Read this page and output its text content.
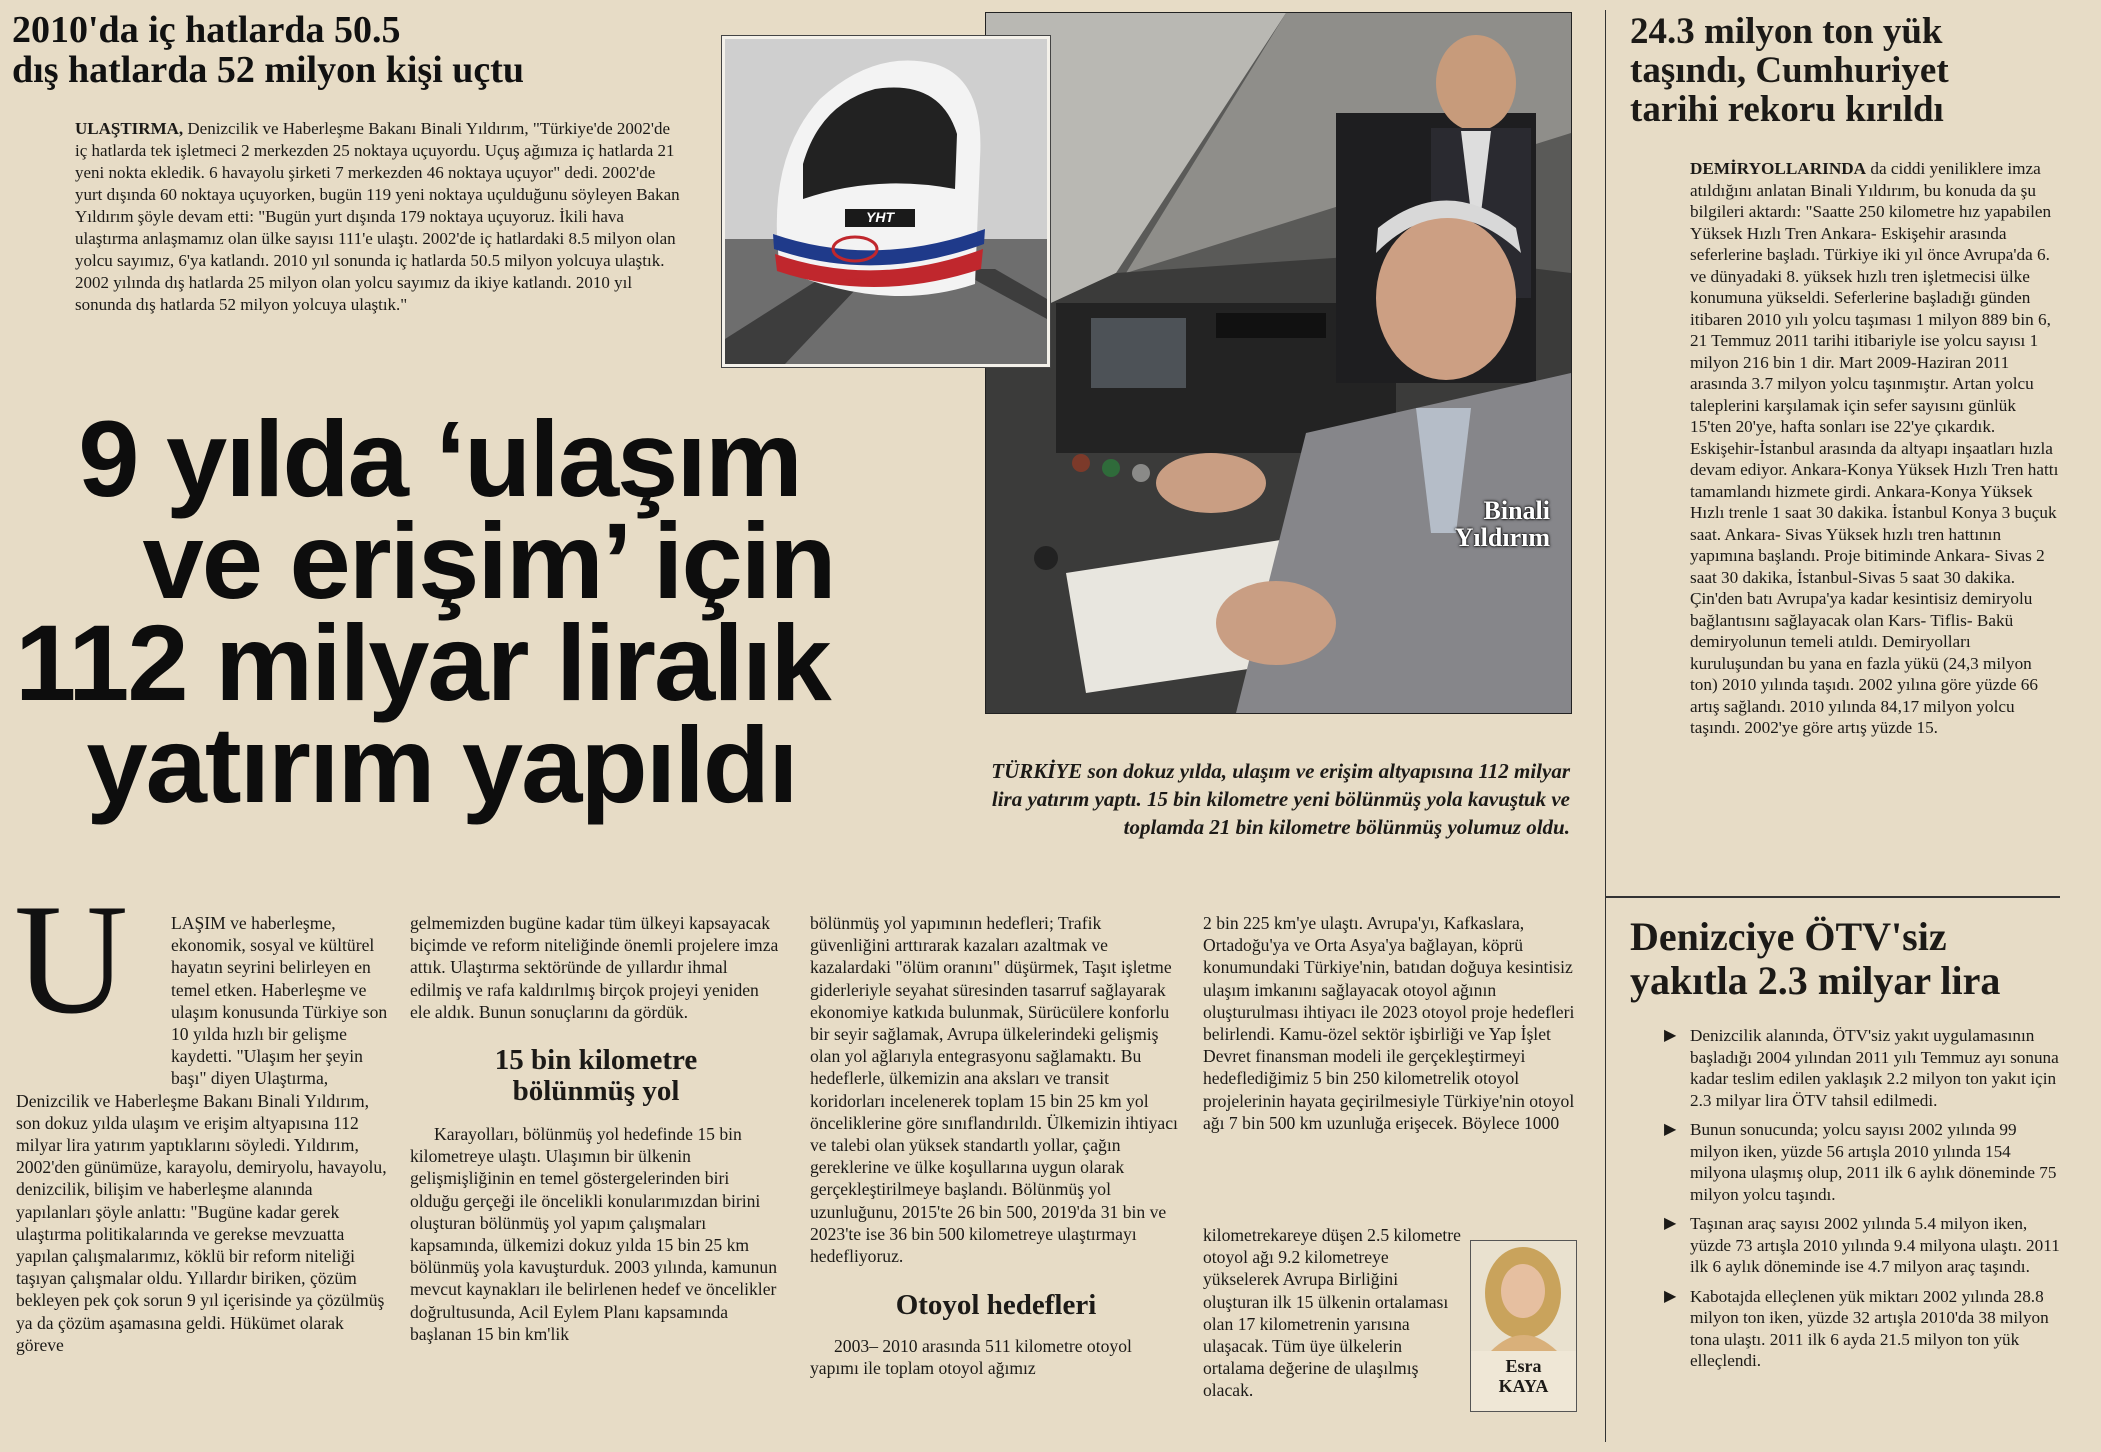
2010'da iç hatlarda 50.5
dış hatlarda 52 milyon kişi uçtu
ULAŞTIRMA, Denizcilik ve Haberleşme Bakanı Binali Yıldırım, "Türkiye'de 2002'de iç hatlarda tek işletmeci 2 merkezden 25 noktaya uçuyordu. Uçuş ağımıza iç hatlarda 21 yeni nokta ekledik. 6 havayolu şirketi 7 merkezden 46 noktaya uçuyor" dedi. 2002'de yurt dışında 60 noktaya uçuyorken, bugün 119 yeni noktaya uçulduğunu söyleyen Bakan Yıldırım şöyle devam etti: "Bugün yurt dışında 179 noktaya uçuyoruz. İkili hava ulaştırma anlaşmamız olan ülke sayısı 111'e ulaştı. 2002'de iç hatlardaki 8.5 milyon olan yolcu sayımız, 6'ya katlandı. 2010 yıl sonunda iç hatlarda 50.5 milyon yolcuya ulaştık. 2002 yılında dış hatlarda 25 milyon olan yolcu sayımız da ikiye katlandı. 2010 yıl sonunda dış hatlarda 52 milyon yolcuya ulaştık."
9 yılda ‘ulaşım
ve erişim’ için
112 milyar liralık
yatırım yapıldı
Binali
Yıldırım
YHT
TCDD
TÜRKİYE son dokuz yılda, ulaşım ve erişim altyapısına 112 milyar lira yatırım yaptı. 15 bin kilometre yeni bölünmüş yola kavuştuk ve toplamda 21 bin kilometre bölünmüş yolumuz oldu.
U	LAŞIM ve haberleşme, ekonomik, sosyal ve kültürel hayatın seyrini belirleyen en temel etken. Haberleşme ve ulaşım konusunda Türkiye son 10 yılda hızlı bir gelişme kaydetti. "Ulaşım her şeyin başı" diyen Ulaştırma, Denizcilik ve Haberleşme Bakanı Binali Yıldırım, son dokuz yılda ulaşım ve erişim altyapısına 112 milyar lira yatırım yaptıklarını söyledi. Yıldırım, 2002'den günümüze, karayolu, demiryolu, havayolu, denizcilik, bilişim ve haberleşme alanında yapılanları şöyle anlattı: "Bugüne kadar gerek ulaştırma politikalarında ve gerekse mevzuatta yapılan çalışmalarımız, köklü bir reform niteliği taşıyan çalışmalar oldu. Yıllardır biriken, çözüm bekleyen pek çok sorun 9 yıl içerisinde ya çözülmüş ya da çözüm aşamasına geldi. Hükümet olarak göreve
gelmemizden bugüne kadar tüm ülkeyi kapsayacak biçimde ve reform niteliğinde önemli projelere imza attık. Ulaştırma sektöründe de yıllardır ihmal edilmiş ve rafa kaldırılmış birçok projeyi yeniden ele aldık. Bunun sonuçlarını da gördük.
15 bin kilometre
bölünmüş yol
Karayolları, bölünmüş yol hedefinde 15 bin kilometreye ulaştı. Ulaşımın bir ülkenin gelişmişliğinin en temel göstergelerinden biri olduğu gerçeği ile öncelikli konularımızdan birini oluşturan bölünmüş yol yapım çalışmaları kapsamında, ülkemizi dokuz yılda 15 bin 25 km bölünmüş yola kavuşturduk. 2003 yılında, kamunun mevcut kaynakları ile belirlenen hedef ve öncelikler doğrultusunda, Acil Eylem Planı kapsamında başlanan 15 bin km'lik
bölünmüş yol yapımının hedefleri; Trafik güvenliğini arttırarak kazaları azaltmak ve kazalardaki "ölüm oranını" düşürmek, Taşıt işletme giderleriyle seyahat süresinden tasarruf sağlayarak ekonomiye katkıda bulunmak, Sürücülere konforlu bir seyir sağlamak, Avrupa ülkelerindeki gelişmiş olan yol ağlarıyla entegrasyonu sağlamaktı. Bu hedeflerle, ülkemizin ana aksları ve transit koridorları incelenerek toplam 15 bin 25 km yol önceliklerine göre sınıflandırıldı. Ülkemizin ihtiyacı ve talebi olan yüksek standartlı yollar, çağın gereklerine ve ülke koşullarına uygun olarak gerçekleştirilmeye başlandı. Bölünmüş yol uzunluğunu, 2015'te 26 bin 500, 2019'da 31 bin ve 2023'te ise 36 bin 500 kilometreye ulaştırmayı hedefliyoruz.
Otoyol hedefleri
2003– 2010 arasında 511 kilometre otoyol yapımı ile toplam otoyol ağımız
2 bin 225 km'ye ulaştı. Avrupa'yı, Kafkaslara, Ortadoğu'ya ve Orta Asya'ya bağlayan, köprü konumundaki Türkiye'nin, batıdan doğuya kesintisiz ulaşım imkanını sağlayacak otoyol ağının oluşturulması ihtiyacı ile 2023 otoyol proje hedefleri belirlendi. Kamu-özel sektör işbirliği ve Yap İşlet Devret finansman modeli ile gerçekleştirmeyi hedeflediğimiz 5 bin 250 kilometrelik otoyol projelerinin hayata geçirilmesiyle Türkiye'nin otoyol ağı 7 bin 500 km uzunluğa erişecek. Böylece 1000
kilometrekareye düşen 2.5 kilometre otoyol ağı 9.2 kilometreye yükselerek Avrupa Birliğini oluşturan ilk 15 ülkenin ortalaması olan 17 kilometrenin yarısına ulaşacak. Tüm üye ülkelerin ortalama değerine de ulaşılmış olacak.
Esra
KAYA
24.3 milyon ton yük
taşındı, Cumhuriyet
tarihi rekoru kırıldı
DEMİRYOLLARINDA da ciddi yeniliklere imza atıldığını anlatan Binali Yıldırım, bu konuda da şu bilgileri aktardı: "Saatte 250 kilometre hız yapabilen Yüksek Hızlı Tren Ankara- Eskişehir arasında seferlerine başladı. Türkiye iki yıl önce Avrupa'da 6. ve dünyadaki 8. yüksek hızlı tren işletmecisi ülke konumuna yükseldi. Seferlerine başladığı günden itibaren 2010 yılı yolcu taşıması 1 milyon 889 bin 6, 21 Temmuz 2011 tarihi itibariyle ise yolcu sayısı 1 milyon 216 bin 1 dir. Mart 2009-Haziran 2011 arasında 3.7 milyon yolcu taşınmıştır. Artan yolcu taleplerini karşılamak için sefer sayısını günlük 15'ten 20'ye, hafta sonları ise 22'ye çıkardık. Eskişehir-İstanbul arasında da altyapı inşaatları hızla devam ediyor. Ankara-Konya Yüksek Hızlı Tren hattı tamamlandı hizmete girdi. Ankara-Konya Yüksek Hızlı trenle 1 saat 30 dakika. İstanbul Konya 3 buçuk saat. Ankara- Sivas Yüksek hızlı tren hattının yapımına başlandı. Proje bitiminde Ankara- Sivas 2 saat 30 dakika, İstanbul-Sivas 5 saat 30 dakika. Çin'den batı Avrupa'ya kadar kesintisiz demiryolu bağlantısını sağlayacak olan Kars- Tiflis- Bakü demiryolunun temeli atıldı. Demiryolları kuruluşundan bu yana en fazla yükü (24,3 milyon ton) 2010 yılında taşıdı. 2002 yılına göre yüzde 66 artış sağlandı. 2010 yılında 84,17 milyon yolcu taşındı. 2002'ye göre artış yüzde 15.
Denizciye ÖTV'siz
yakıtla 2.3 milyar lira
▶ Denizcilik alanında, ÖTV'siz yakıt uygulamasının başladığı 2004 yılından 2011 yılı Temmuz ayı sonuna kadar teslim edilen yaklaşık 2.2 milyon ton yakıt için 2.3 milyar lira ÖTV tahsil edilmedi.
▶ Bunun sonucunda; yolcu sayısı 2002 yılında 99 milyon iken, yüzde 56 artışla 2010 yılında 154 milyona ulaşmış olup, 2011 ilk 6 aylık döneminde 75 milyon yolcu taşındı.
▶ Taşınan araç sayısı 2002 yılında 5.4 milyon iken, yüzde 73 artışla 2010 yılında 9.4 milyona ulaştı. 2011 ilk 6 aylık döneminde ise 4.7 milyon araç taşındı.
▶ Kabotajda elleçlenen yük miktarı 2002 yılında 28.8 milyon ton iken, yüzde 32 artışla 2010'da 38 milyon tona ulaştı. 2011 ilk 6 ayda 21.5 milyon ton yük elleçlendi.
